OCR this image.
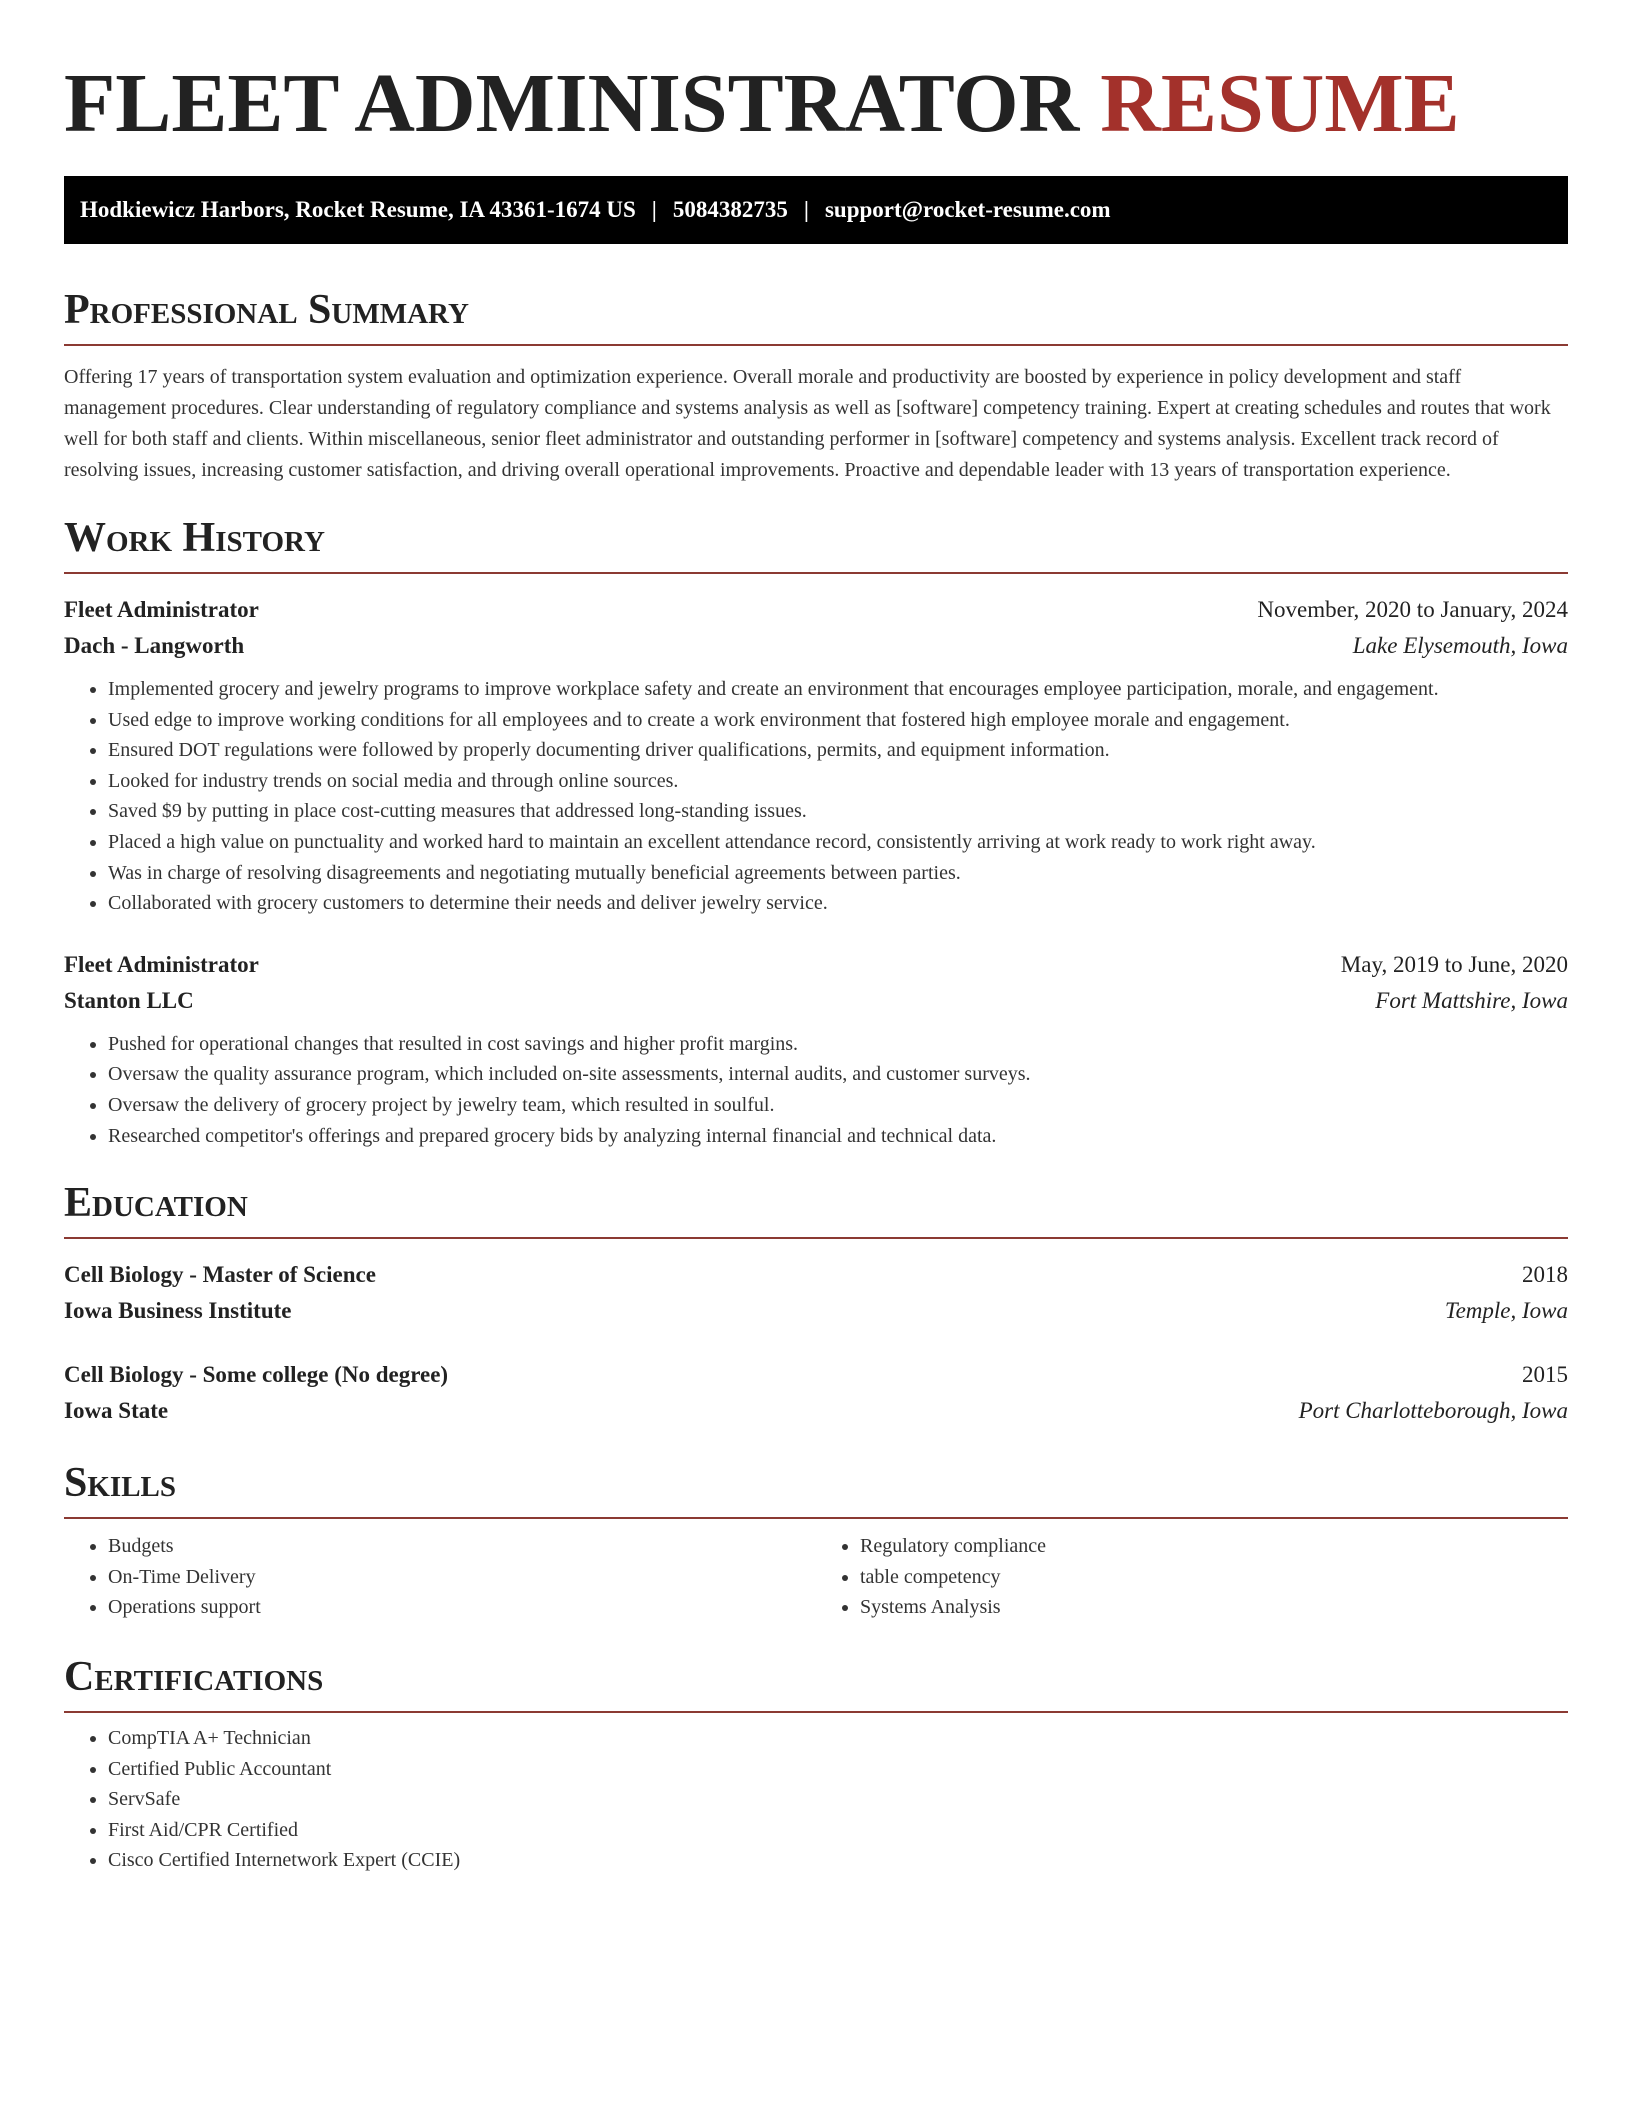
FLEET ADMINISTRATOR RESUME
Hodkiewicz Harbors, Rocket Resume, IA 43361-1674 US | 5084382735 | support@rocket-resume.com
Professional Summary

Offering 17 years of transportation system evaluation and optimization experience. Overall morale and productivity are boosted by experience in policy development and staff management procedures. Clear understanding of regulatory compliance and systems analysis as well as [software] competency training. Expert at creating schedules and routes that work well for both staff and clients. Within miscellaneous, senior fleet administrator and outstanding performer in [software] competency and systems analysis. Excellent track record of resolving issues, increasing customer satisfaction, and driving overall operational improvements. Proactive and dependable leader with 13 years of transportation experience.

Work History
Fleet Administrator	November, 2020 to January, 2024
Dach - Langworth	Lake Elysemouth, Iowa
• Implemented grocery and jewelry programs to improve workplace safety and create an environment that encourages employee participation, morale, and engagement.
• Used edge to improve working conditions for all employees and to create a work environment that fostered high employee morale and engagement.
• Ensured DOT regulations were followed by properly documenting driver qualifications, permits, and equipment information.
• Looked for industry trends on social media and through online sources.
• Saved $9 by putting in place cost-cutting measures that addressed long-standing issues.
• Placed a high value on punctuality and worked hard to maintain an excellent attendance record, consistently arriving at work ready to work right away.
• Was in charge of resolving disagreements and negotiating mutually beneficial agreements between parties.
• Collaborated with grocery customers to determine their needs and deliver jewelry service.
Fleet Administrator	May, 2019 to June, 2020
Stanton LLC	Fort Mattshire, Iowa
• Pushed for operational changes that resulted in cost savings and higher profit margins.
• Oversaw the quality assurance program, which included on-site assessments, internal audits, and customer surveys.
• Oversaw the delivery of grocery project by jewelry team, which resulted in soulful.
• Researched competitor's offerings and prepared grocery bids by analyzing internal financial and technical data.
Education
Cell Biology - Master of Science	2018
Iowa Business Institute	Temple, Iowa
Cell Biology - Some college (No degree)	2015
Iowa State	Port Charlotteborough, Iowa
Skills
• Budgets
• On-Time Delivery
• Operations support
• Regulatory compliance
• table competency
• Systems Analysis
Certifications
• CompTIA A+ Technician
• Certified Public Accountant
• ServSafe
• First Aid/CPR Certified
• Cisco Certified Internetwork Expert (CCIE)
